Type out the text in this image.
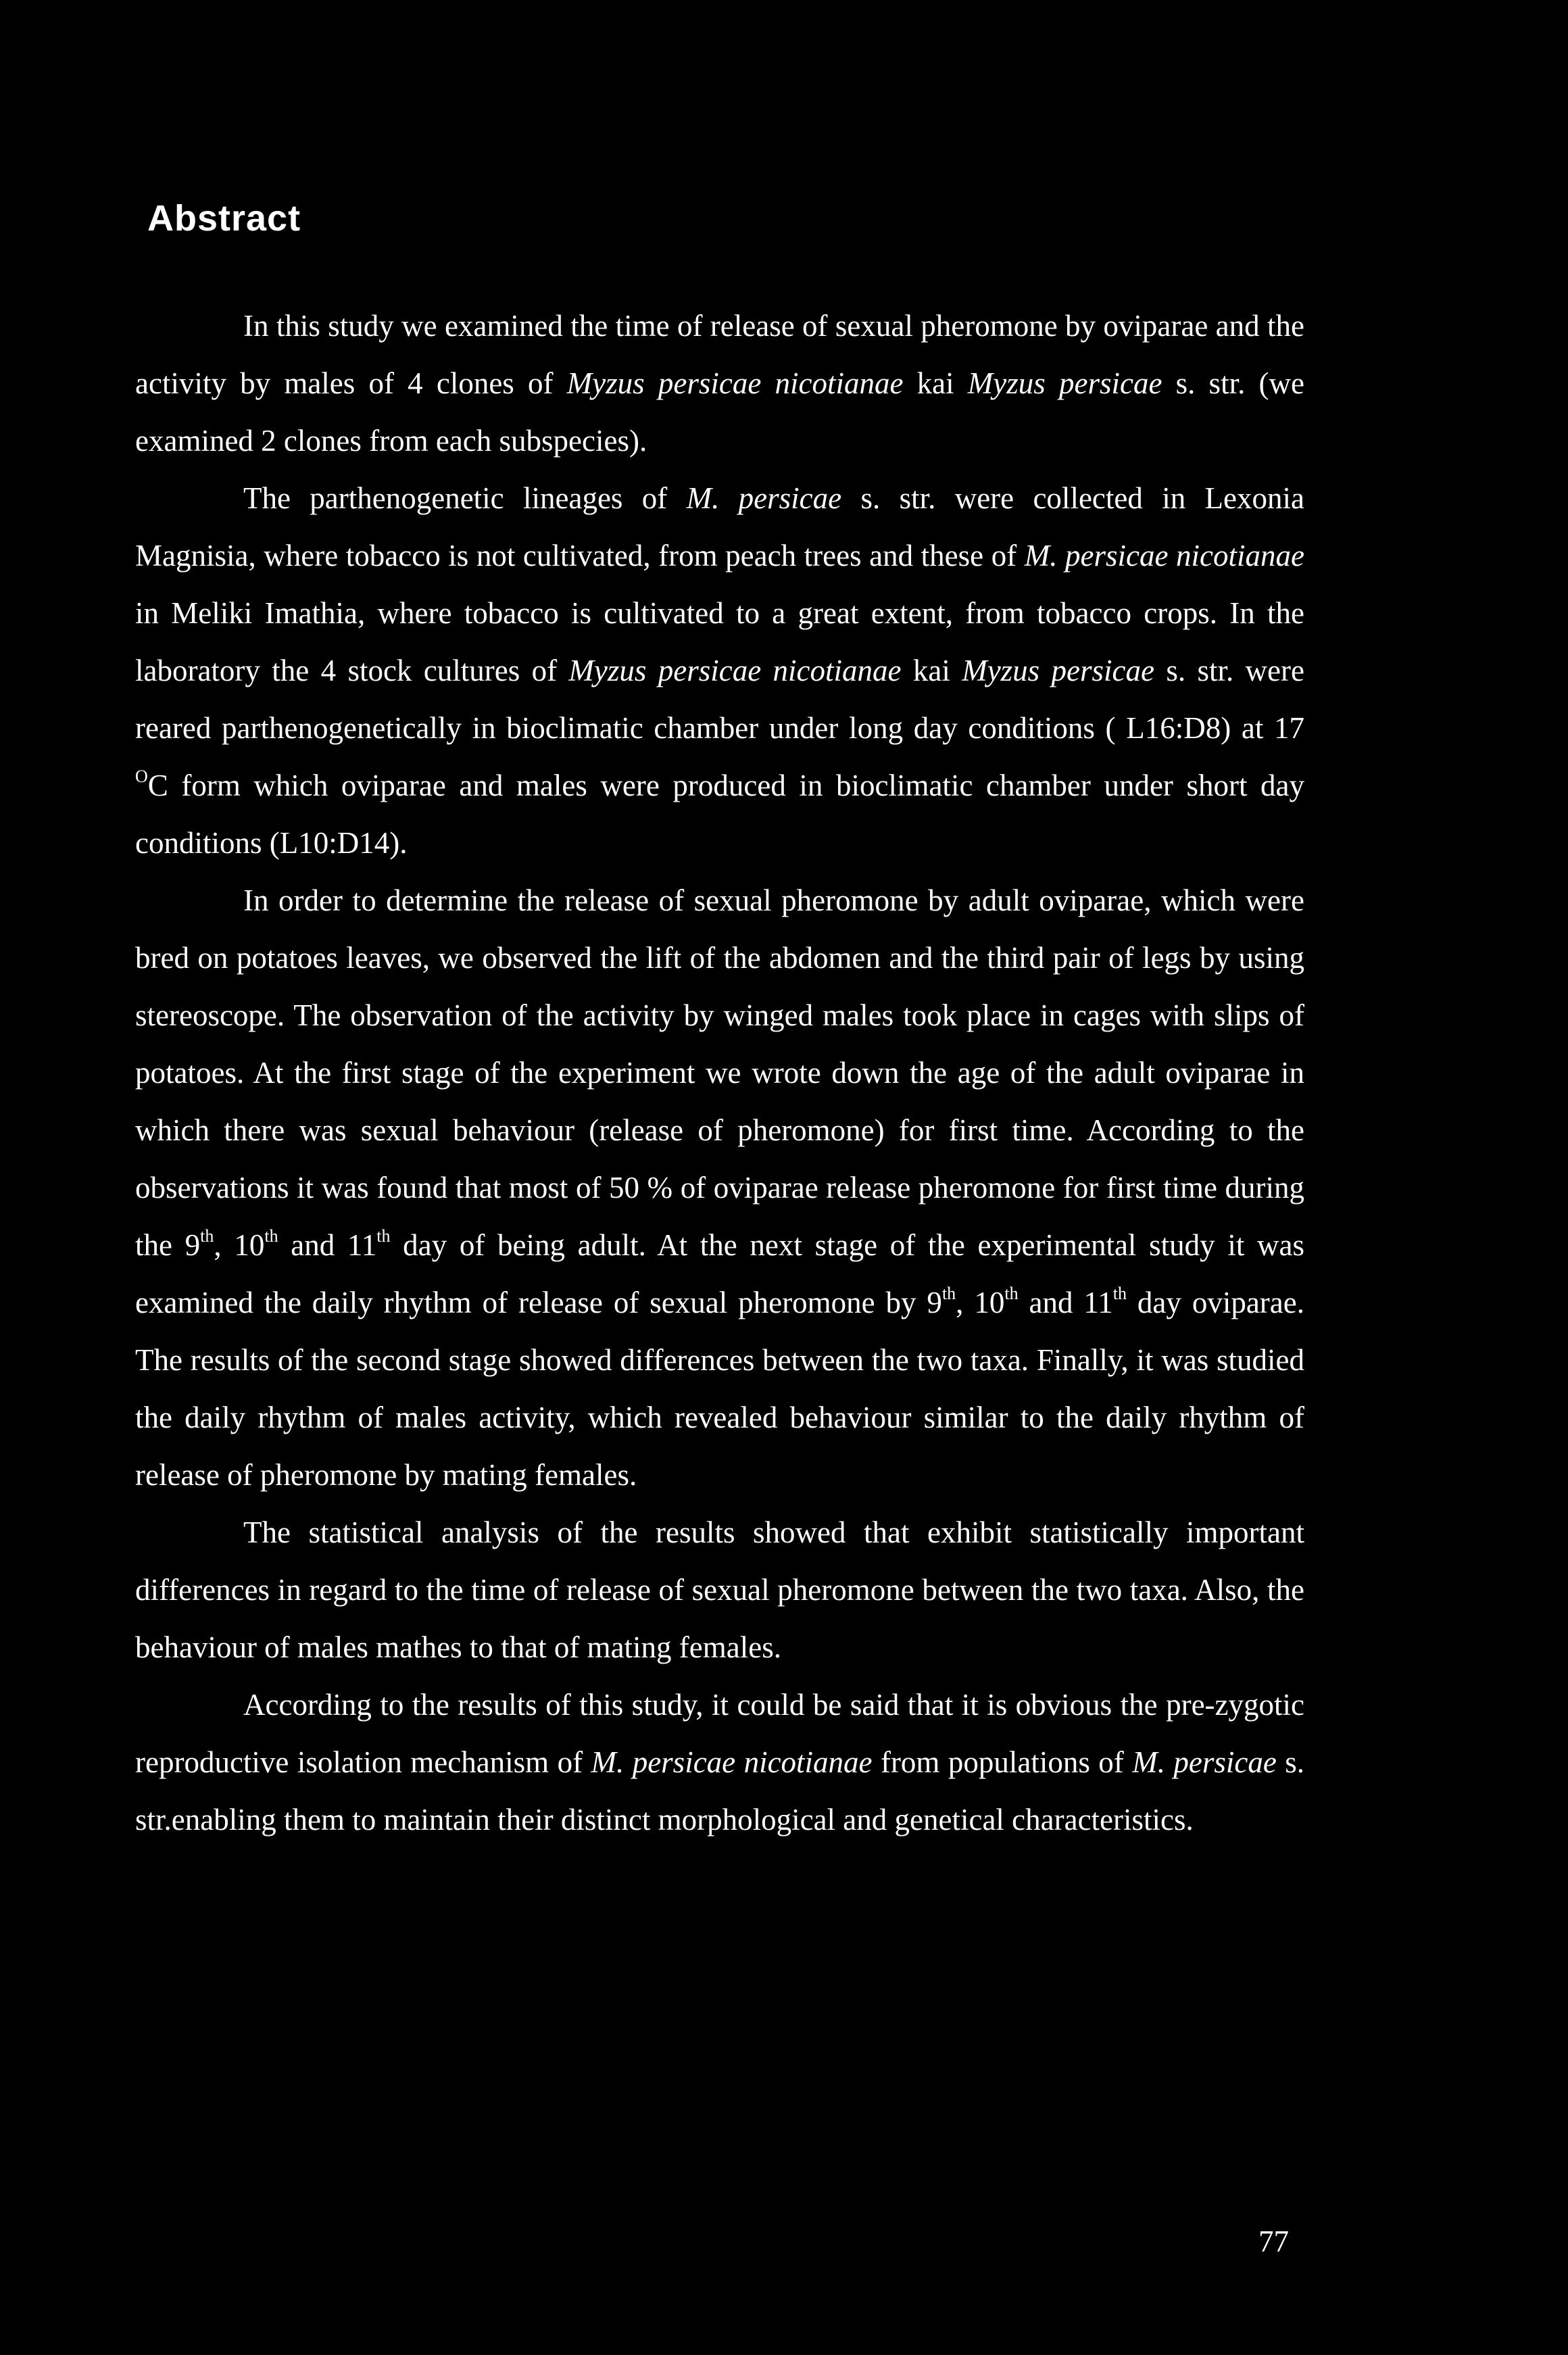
Abstract

In this study we examined the time of release of sexual pheromone by oviparae and the activity by males of 4 clones of Myzus persicae nicotianae kai Myzus persicae s. str. (we examined 2 clones from each subspecies).

The parthenogenetic lineages of M. persicae s. str. were collected in Lexonia Magnisia, where tobacco is not cultivated, from peach trees and these of M. persicae nicotianae in Meliki Imathia, where tobacco is cultivated to a great extent, from tobacco crops. In the laboratory the 4 stock cultures of Myzus persicae nicotianae kai Myzus persicae s. str. were reared parthenogenetically in bioclimatic chamber under long day conditions ( L16:D8) at 17 $^O$C form which oviparae and males were produced in bioclimatic chamber under short day conditions (L10:D14).

In order to determine the release of sexual pheromone by adult oviparae, which were bred on potatoes leaves, we observed the lift of the abdomen and the third pair of legs by using stereoscope. The observation of the activity by winged males took place in cages with slips of potatoes. At the first stage of the experiment we wrote down the age of the adult oviparae in which there was sexual behaviour (release of pheromone) for first time. According to the observations it was found that most of 50 % of oviparae release pheromone for first time during the 9th, 10th and 11th day of being adult. At the next stage of the experimental study it was examined the daily rhythm of release of sexual pheromone by 9th, 10th and 11th day oviparae. The results of the second stage showed differences between the two taxa. Finally, it was studied the daily rhythm of males activity, which revealed behaviour similar to the daily rhythm of release of pheromone by mating females.

The statistical analysis of the results showed that exhibit statistically important differences in regard to the time of release of sexual pheromone between the two taxa. Also, the behaviour of males mathes to that of mating females.

According to the results of this study, it could be said that it is obvious the pre-zygotic reproductive isolation mechanism of M. persicae nicotianae from populations of M. persicae s. str.enabling them to maintain their distinct morphological and genetical characteristics.

77
